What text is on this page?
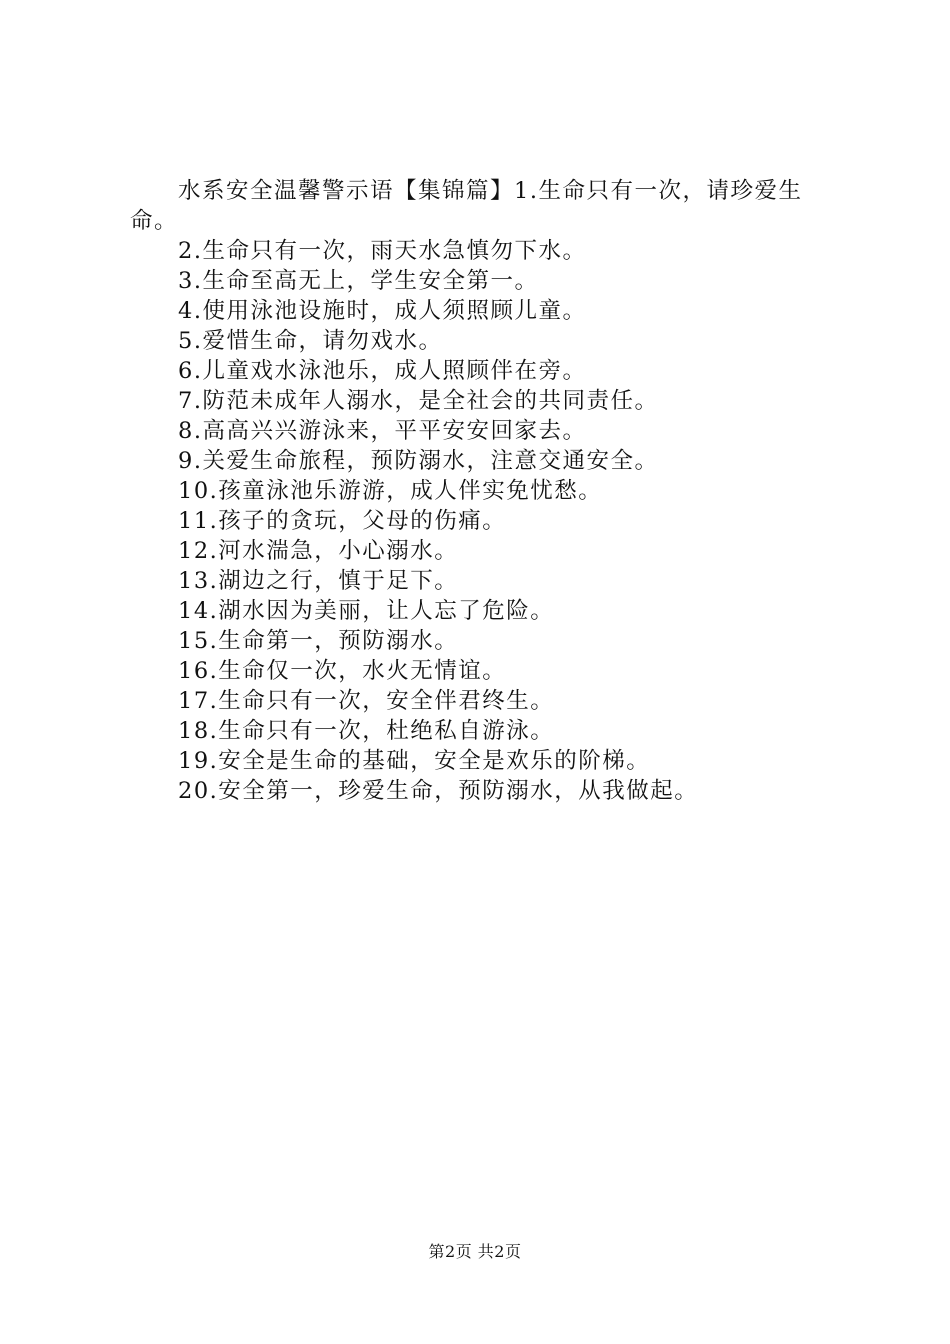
水系安全温馨警示语【集锦篇】1.生命只有一次，请珍爱生命。

2.生命只有一次，雨天水急慎勿下水。

3.生命至高无上，学生安全第一。

4.使用泳池设施时，成人须照顾儿童。

5.爱惜生命，请勿戏水。

6.儿童戏水泳池乐，成人照顾伴在旁。

7.防范未成年人溺水，是全社会的共同责任。

8.高高兴兴游泳来，平平安安回家去。

9.关爱生命旅程，预防溺水，注意交通安全。

10.孩童泳池乐游游，成人伴实免忧愁。

11.孩子的贪玩，父母的伤痛。

12.河水湍急，小心溺水。

13.湖边之行，慎于足下。

14.湖水因为美丽，让人忘了危险。

15.生命第一，预防溺水。

16.生命仅一次，水火无情谊。

17.生命只有一次，安全伴君终生。

18.生命只有一次，杜绝私自游泳。

19.安全是生命的基础，安全是欢乐的阶梯。

20.安全第一，珍爱生命，预防溺水，从我做起。

第2页 共2页
